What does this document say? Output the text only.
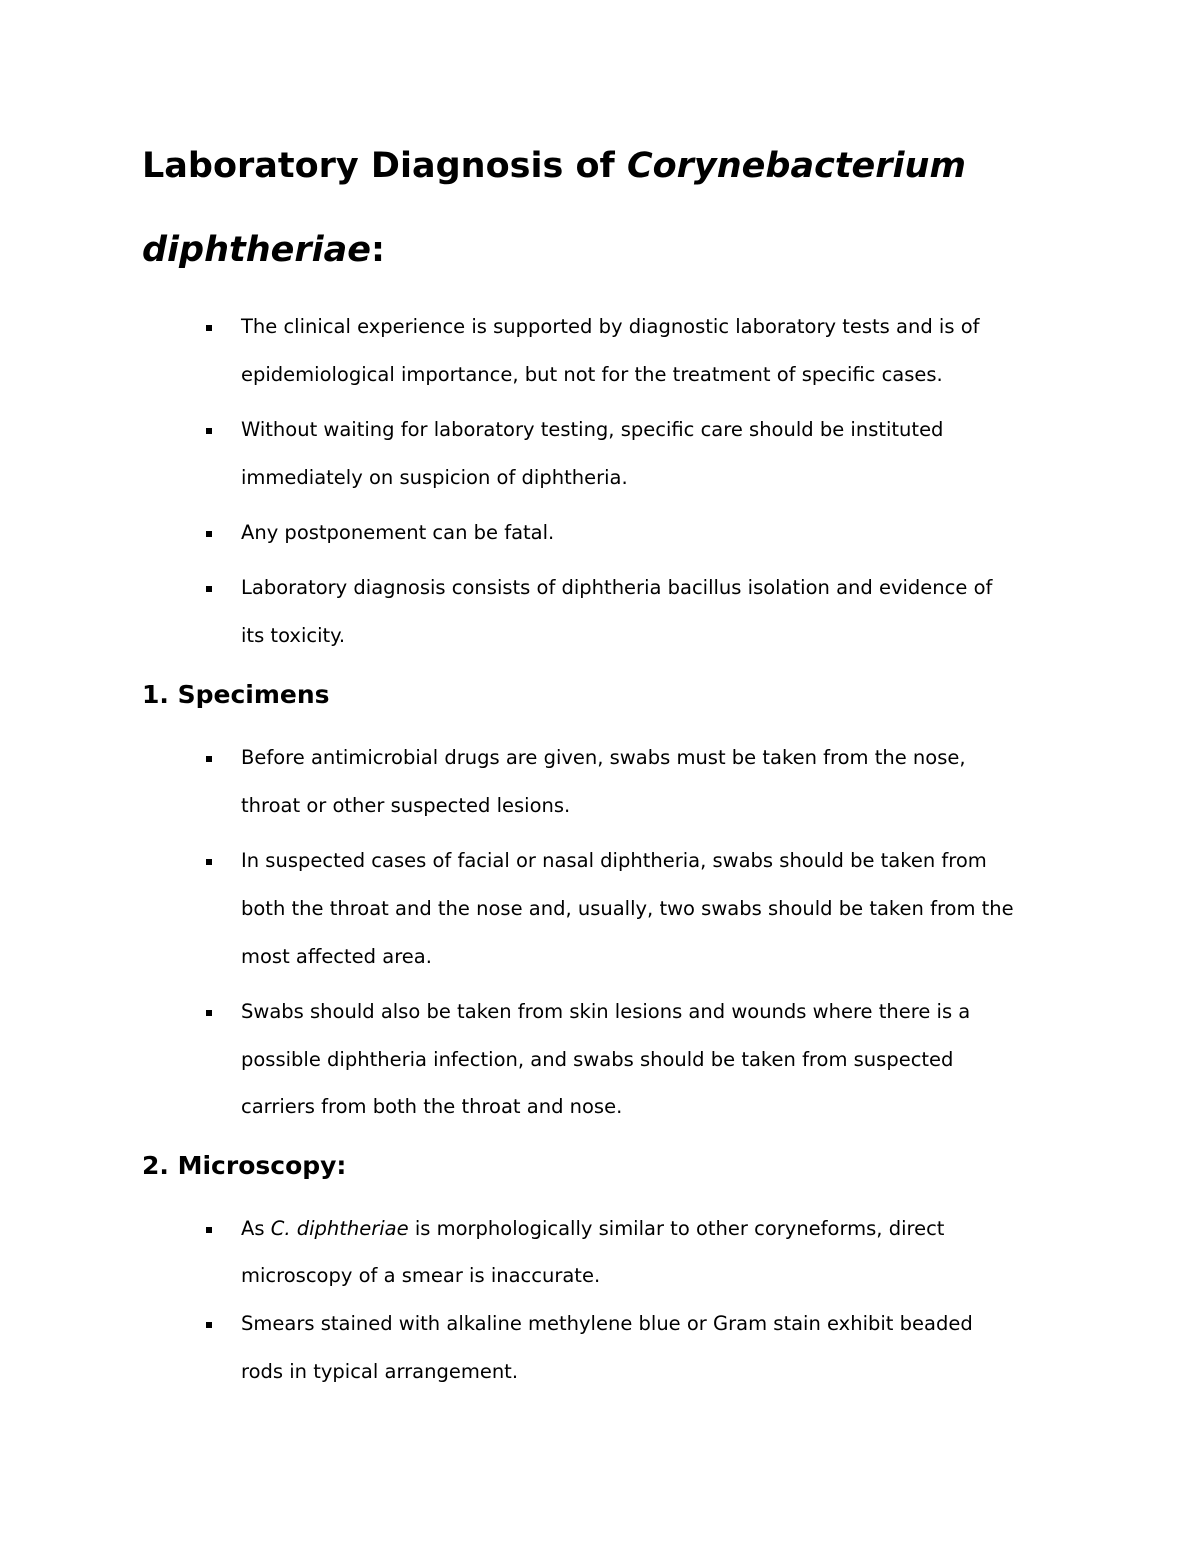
Laboratory Diagnosis of Corynebacterium
diphtheriae:
The clinical experience is supported by diagnostic laboratory tests and is of
epidemiological importance, but not for the treatment of specific cases.
Without waiting for laboratory testing, specific care should be instituted
immediately on suspicion of diphtheria.
Any postponement can be fatal.
Laboratory diagnosis consists of diphtheria bacillus isolation and evidence of
its toxicity.
1. Specimens
Before antimicrobial drugs are given, swabs must be taken from the nose,
throat or other suspected lesions.
In suspected cases of facial or nasal diphtheria, swabs should be taken from
both the throat and the nose and, usually, two swabs should be taken from the
most affected area.
Swabs should also be taken from skin lesions and wounds where there is a
possible diphtheria infection, and swabs should be taken from suspected
carriers from both the throat and nose.
2. Microscopy:
As C. diphtheriae is morphologically similar to other coryneforms, direct
microscopy of a smear is inaccurate.
Smears stained with alkaline methylene blue or Gram stain exhibit beaded
rods in typical arrangement.
